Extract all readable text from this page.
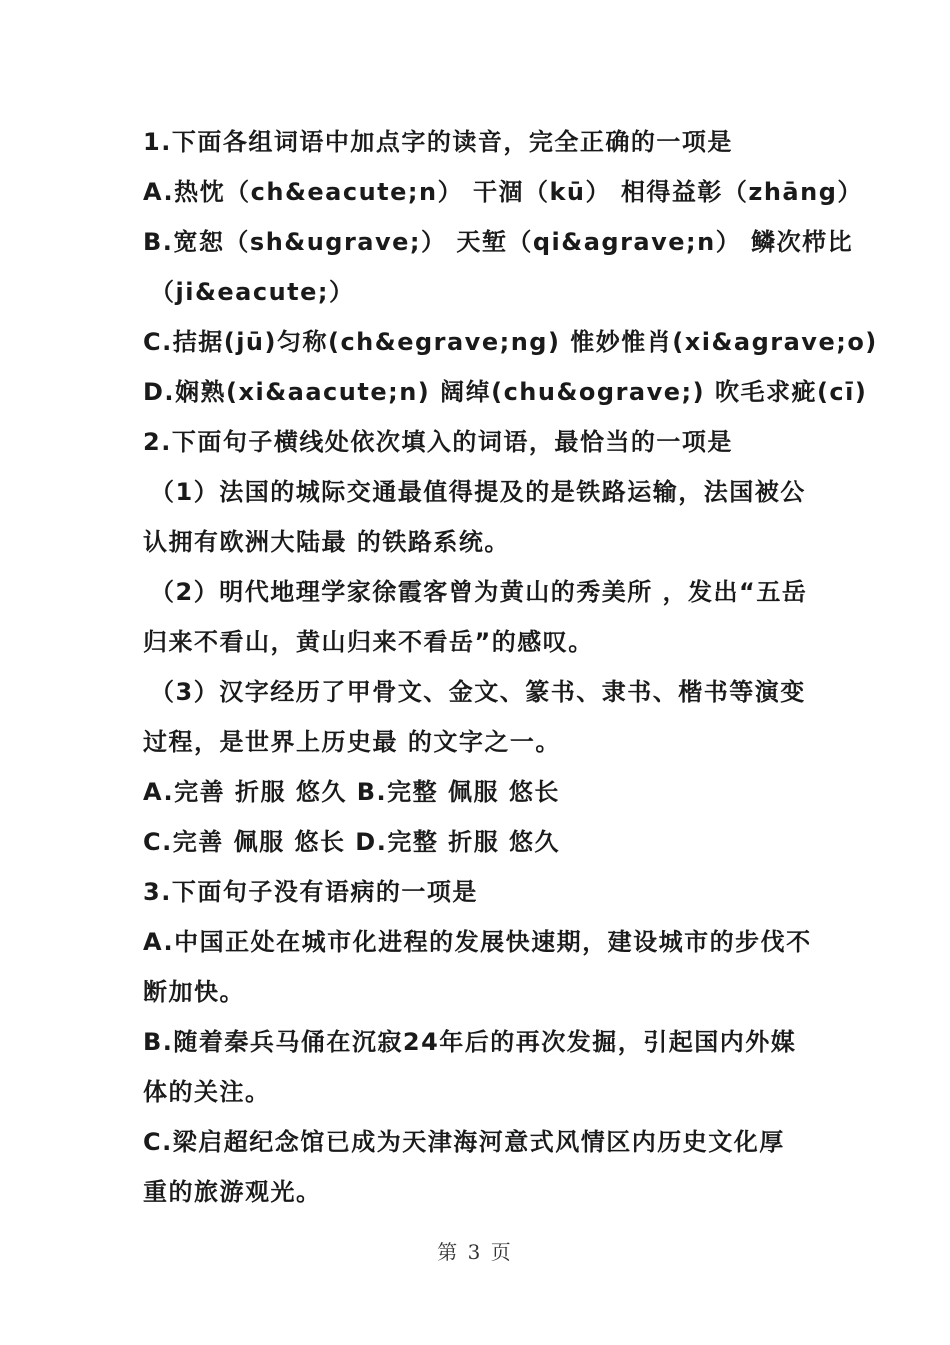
1.下面各组词语中加点字的读音，完全正确的一项是
A.热忱（ch&eacute;n） 干涸（kū） 相得益彰（zhāng）
B.宽恕（sh&ugrave;） 天堑（qi&agrave;n） 鳞次栉比
（ji&eacute;）
C.拮据(jū)匀称(ch&egrave;ng) 惟妙惟肖(xi&agrave;o)
D.娴熟(xi&aacute;n) 阔绰(chu&ograve;) 吹毛求疵(cī)
2.下面句子横线处依次填入的词语，最恰当的一项是
（1）法国的城际交通最值得提及的是铁路运输，法国被公
认拥有欧洲大陆最 的铁路系统。
（2）明代地理学家徐霞客曾为黄山的秀美所 ，发出“五岳
归来不看山，黄山归来不看岳”的感叹。
（3）汉字经历了甲骨文、金文、篆书、隶书、楷书等演变
过程，是世界上历史最 的文字之一。
A.完善 折服 悠久 B.完整 佩服 悠长
C.完善 佩服 悠长 D.完整 折服 悠久
3.下面句子没有语病的一项是
A.中国正处在城市化进程的发展快速期，建设城市的步伐不
断加快。
B.随着秦兵马俑在沉寂24年后的再次发掘，引起国内外媒
体的关注。
C.梁启超纪念馆已成为天津海河意式风情区内历史文化厚
重的旅游观光。
第 3 页
